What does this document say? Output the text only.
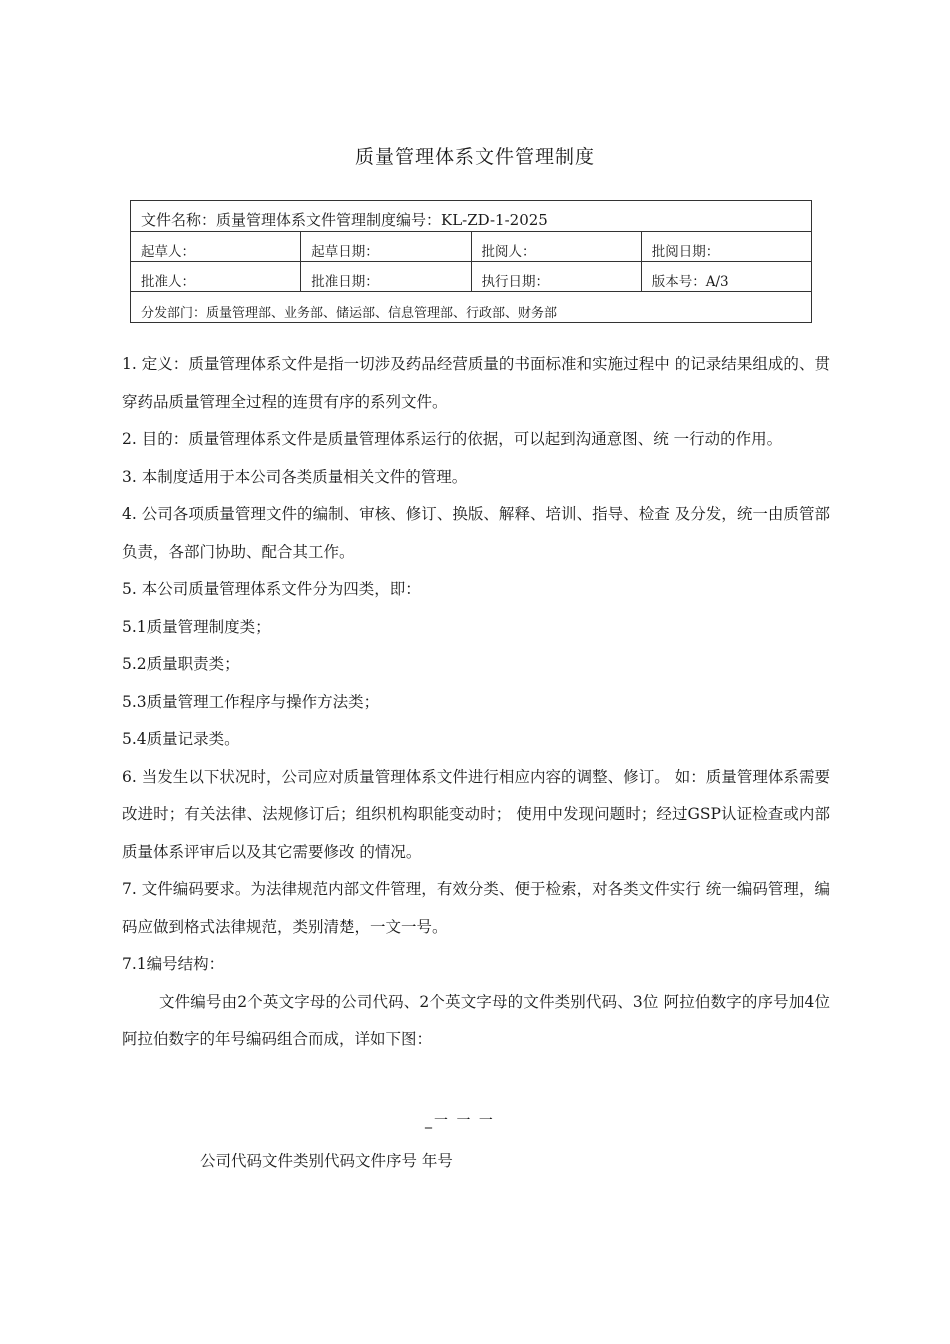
质量管理体系文件管理制度
文件名称：质量管理体系文件管理制度编号：KL-ZD-1-2025			
起草人：	起草日期：	批阅人：	批阅日期：
批准人：	批准日期：	执行日期：	版本号：A/3
分发部门：质量管理部、业务部、储运部、信息管理部、行政部、财务部			

1. 定义：质量管理体系文件是指一切涉及药品经营质量的书面标准和实施过程中 的记录结果组成的、贯穿药品质量管理全过程的连贯有序的系列文件。

2. 目的：质量管理体系文件是质量管理体系运行的依据，可以起到沟通意图、统 一行动的作用。

3. 本制度适用于本公司各类质量相关文件的管理。

4. 公司各项质量管理文件的编制、审核、修订、换版、解释、培训、指导、检查 及分发，统一由质管部负责，各部门协助、配合其工作。

5. 本公司质量管理体系文件分为四类，即：

5.1质量管理制度类；

5.2质量职责类；

5.3质量管理工作程序与操作方法类；

5.4质量记录类。

6. 当发生以下状况时，公司应对质量管理体系文件进行相应内容的调整、修订。 如：质量管理体系需要改进时；有关法律、法规修订后；组织机构职能变动时； 使用中发现问题时；经过GSP认证检查或内部质量体系评审后以及其它需要修改 的情况。

7. 文件编码要求。为法律规范内部文件管理，有效分类、便于检索，对各类文件实行 统一编码管理，编码应做到格式法律规范，类别清楚，一文一号。

7.1编号结构：

文件编号由2个英文字母的公司代码、2个英文字母的文件类别代码、3位 阿拉伯数字的序号加4位阿拉伯数字的年号编码组合而成，详如下图：

_一 一 一
公司代码文件类别代码文件序号 年号
